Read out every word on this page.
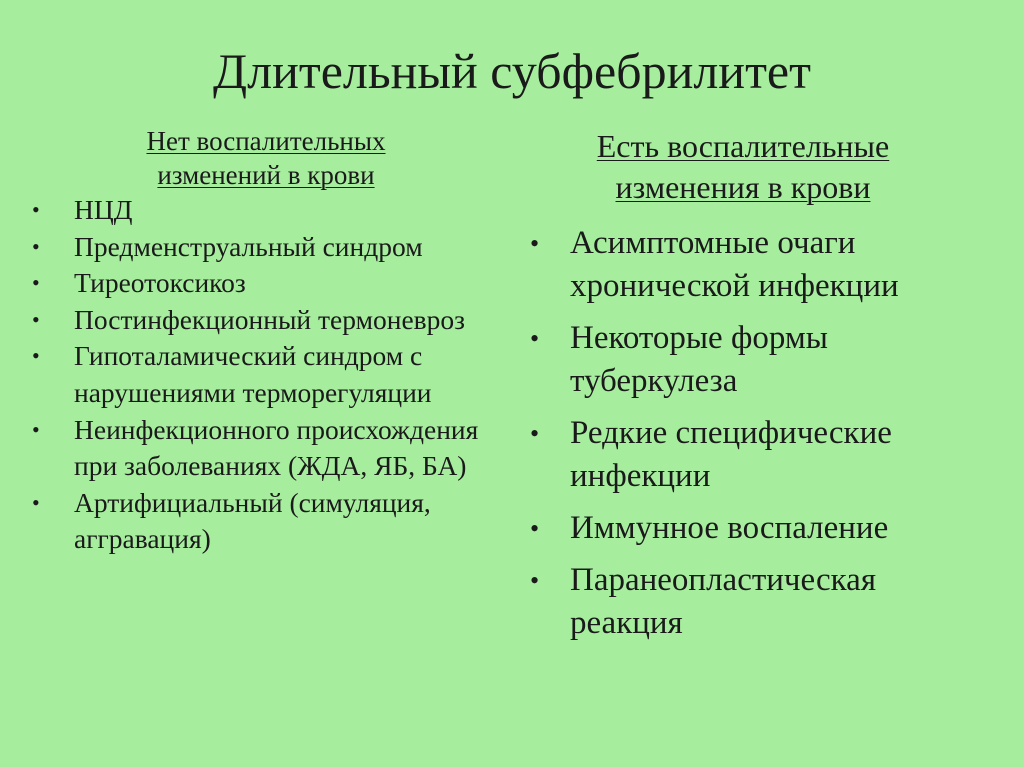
Длительный субфебрилитет
Нет воспалительных
изменений в крови
• НЦД
• Предменструальный синдром
• Тиреотоксикоз
• Постинфекционный термоневроз
• Гипоталамический синдром с нарушениями терморегуляции
• Неинфекционного происхождения при заболеваниях (ЖДА, ЯБ, БА)
• Артифициальный (симуляция, аггравация)
Есть воспалительные
изменения в крови
• Асимптомные очаги хронической инфекции
• Некоторые формы туберкулеза
• Редкие специфические инфекции
• Иммунное воспаление
• Паранеопластическая реакция
